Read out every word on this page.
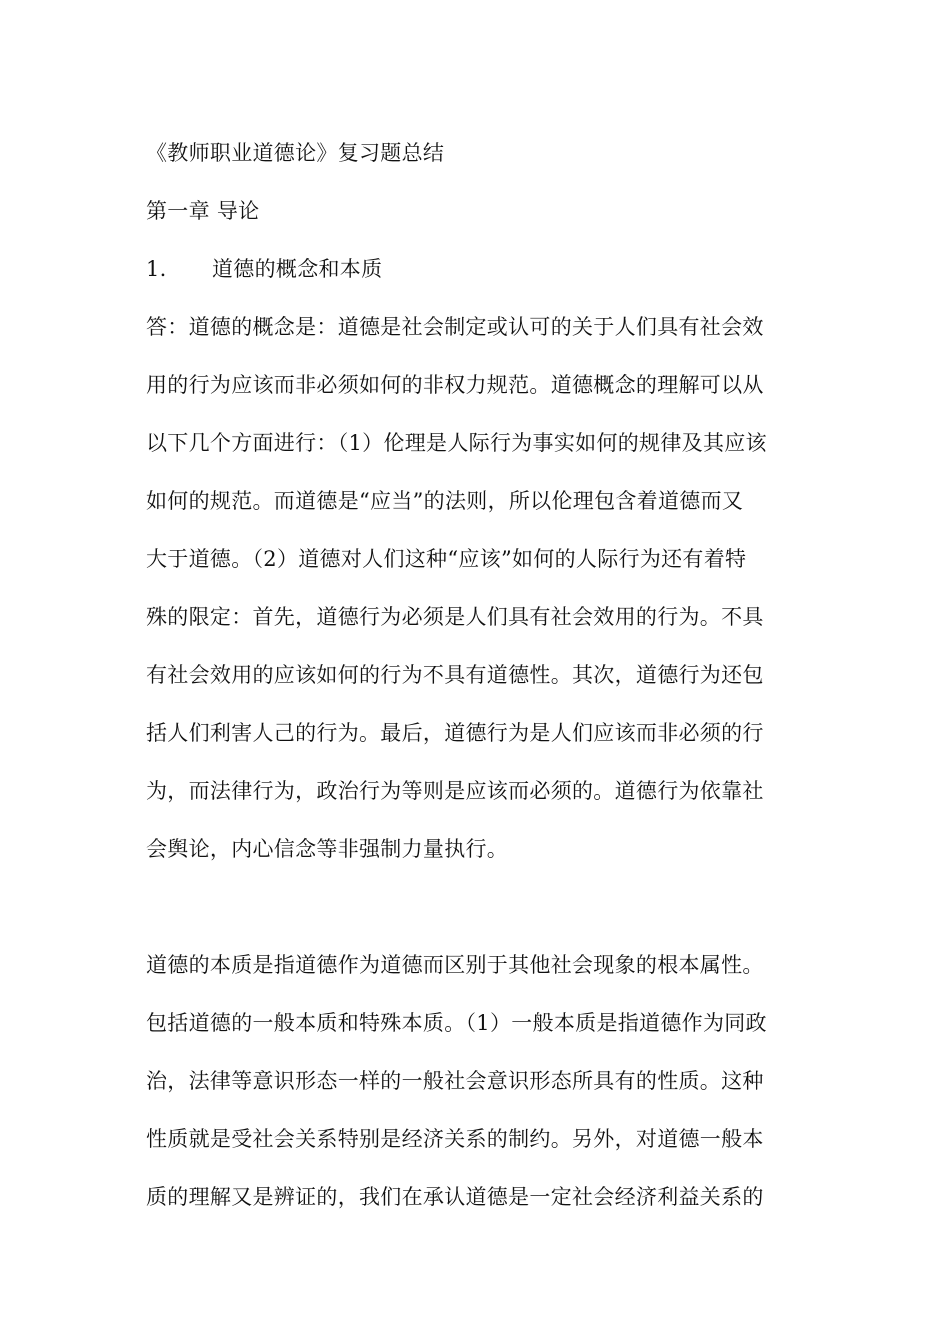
《教师职业道德论》复习题总结
第一章 导论
1. 道德的概念和本质
答：道德的概念是：道德是社会制定或认可的关于人们具有社会效
用的行为应该而非必须如何的非权力规范。道德概念的理解可以从
以下几个方面进行：（1）伦理是人际行为事实如何的规律及其应该
如何的规范。而道德是“应当”的法则，所以伦理包含着道德而又
大于道德。（2）道德对人们这种“应该”如何的人际行为还有着特
殊的限定：首先，道德行为必须是人们具有社会效用的行为。不具
有社会效用的应该如何的行为不具有道德性。其次，道德行为还包
括人们利害人己的行为。最后，道德行为是人们应该而非必须的行
为，而法律行为，政治行为等则是应该而必须的。道德行为依靠社
会舆论，内心信念等非强制力量执行。
道德的本质是指道德作为道德而区别于其他社会现象的根本属性。
包括道德的一般本质和特殊本质。（1）一般本质是指道德作为同政
治，法律等意识形态一样的一般社会意识形态所具有的性质。这种
性质就是受社会关系特别是经济关系的制约。另外，对道德一般本
质的理解又是辨证的，我们在承认道德是一定社会经济利益关系的
